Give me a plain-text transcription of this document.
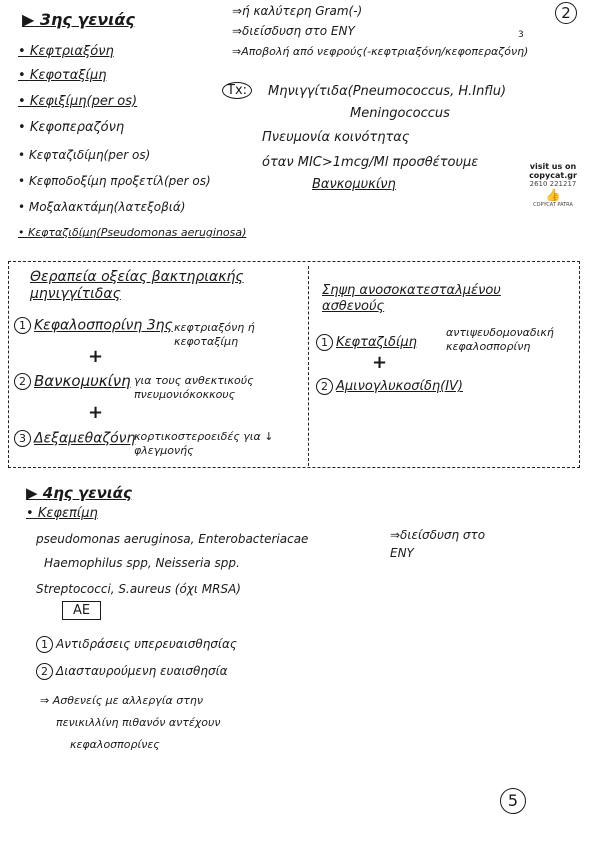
▶ 3ης γενιάς
• Κεφτριαξόνη
• Κεφοταξίμη
• Κεφιξίμη(per os)
• Κεφοπεραζόνη
• Κεφταζιδίμη(per os)
• Κεφποδοξίμη προξετίλ(per os)
• Μοξαλακτάμη(λατεξοβιά)
• Κεφταζιδίμη(Pseudomonas aeruginosa)
⇒ή καλύτερη Gram(-)
⇒διείσδυση στο ΕΝΥ
⇒Αποβολή από νεφρούς(-κεφτριαξόνη/κεφοπεραζόνη)
3
2
Tx:	Μηνιγγίτιδα(Pneumococcus, H.Influ)
Meningococcus
Πνευμονία κοινότητας
όταν MIC>1mcg/Ml προσθέτουμε
Βανκομυκίνη
visit us on
copycat.gr
2610 221217
👍
COPYCAT PATRA
Θεραπεία οξείας βακτηριακής μηνιγγίτιδας
1 Κεφαλοσπορίνη 3ης κεφτριαξόνη ή κεφοταξίμη
+
2 Βανκομυκίνη για τους ανθεκτικούς πνευμονιόκοκκους
+
3 Δεξαμεθαζόνη
κορτικοστεροειδές για ↓ φλεγμονής
Σηψη ανοσοκατεσταλμένου ασθενούς
1 Κεφταζιδίμη
αντιψευδομοναδική κεφαλοσπορίνη
+
2 Αμινογλυκοσίδη(IV)
▶ 4ης γενιάς
• Κεφεπίμη
pseudomonas aeruginosa, Enterobacteriacae
Haemophilus spp, Neisseria spp.
Streptococci, S.aureus (όχι MRSA)
⇒διείσδυση στο ΕΝΥ
ΑΕ
1 Αντιδράσεις υπερευαισθησίας
2 Διασταυρούμενη ευαισθησία
⇒ Ασθενείς με αλλεργία στην
πενικιλλίνη πιθανόν αντέχουν
κεφαλοσπορίνες
5
